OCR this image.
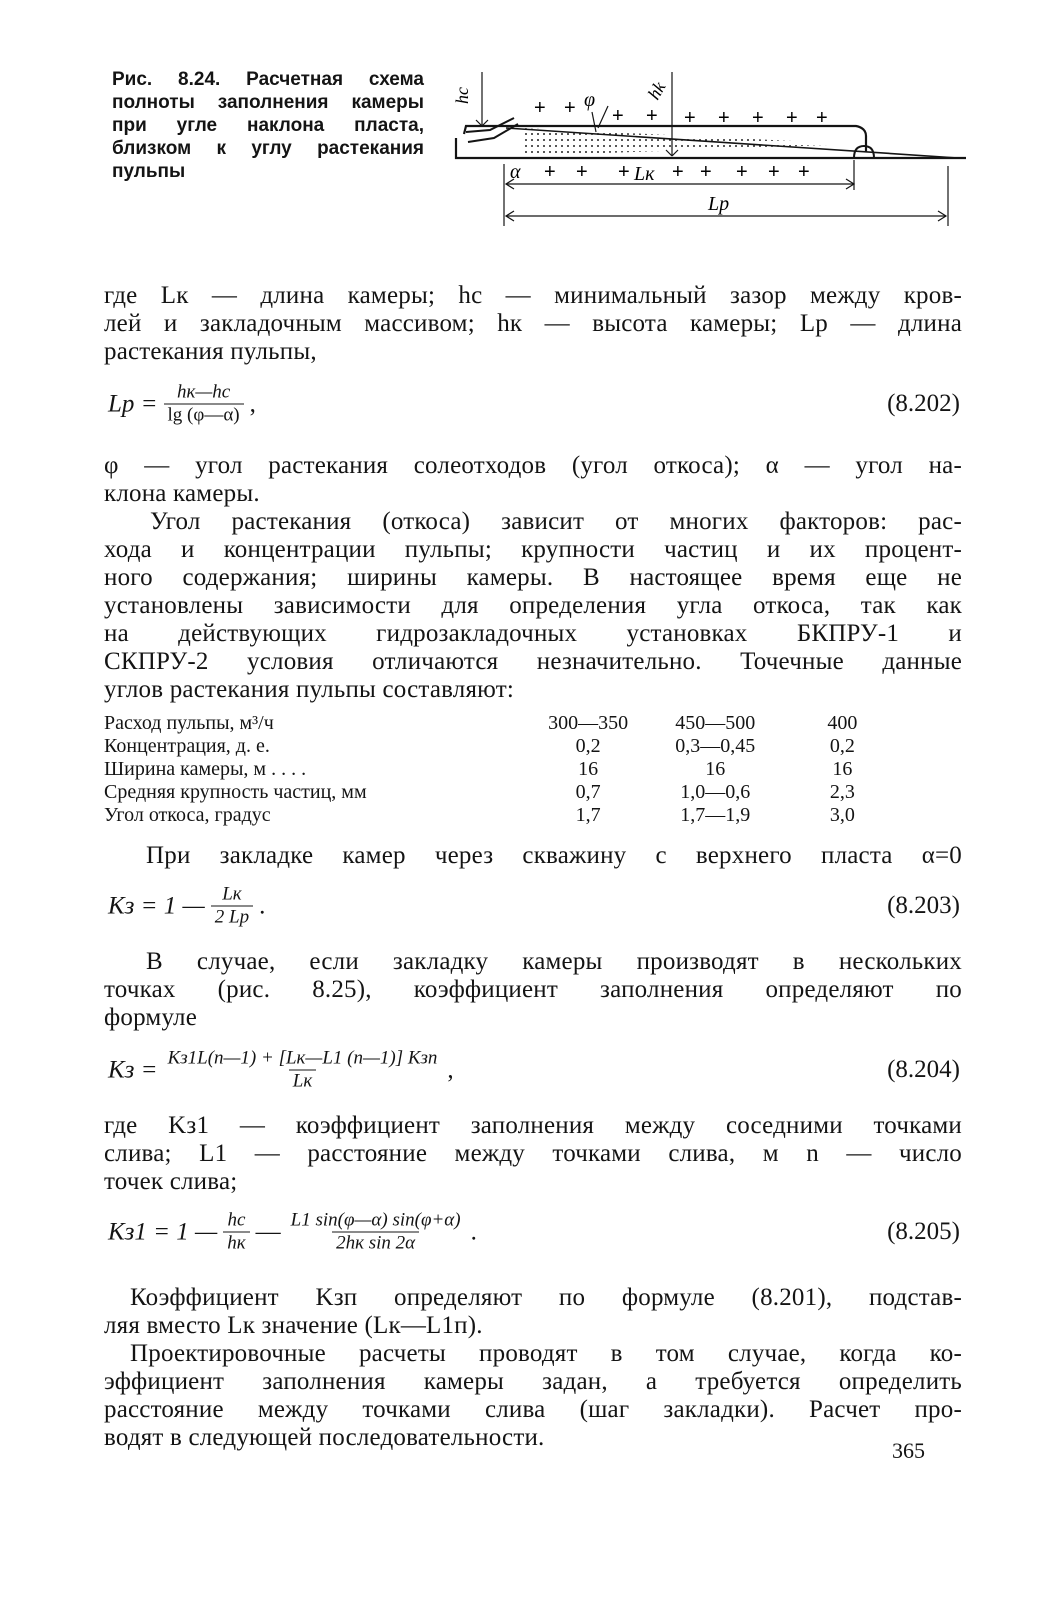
Рис. 8.24. Расчетная схема
полноты заполнения камеры
при угле наклона пласта,
близком к углу растекания
пульпы
hc	hk
φ
+ + + + + + + + +
+ + + + + + + +
α	Lк
Lр
где Lк — длина камеры; hс — минимальный зазор между кров-
лей и закладочным массивом; hк — высота камеры; Lр — длина
растекания пульпы,
Lр = $\frac{hк—hс}{\lg (\varphi—\alpha)}$ ,	(8.202)
φ — угол растекания солеотходов (угол откоса); α — угол на-
клона камеры.
Угол растекания (откоса) зависит от многих факторов: рас-
хода и концентрации пульпы; крупности частиц и их процент-
ного содержания; ширины камеры. В настоящее время еще не
установлены зависимости для определения угла откоса, так как
на действующих гидрозакладочных установках БКПРУ-1 и
СКПРУ-2 условия отличаются незначительно. Точечные данные
углов растекания пульпы составляют:
Расход пульпы, м³/ч	300—350	450—500	400
Концентрация, д. е.	0,2	0,3—0,45	0,2
Ширина камеры, м . . . .	16	16	16
Средняя крупность частиц, мм	0,7	1,0—0,6	2,3
Угол откоса, градус	1,7	1,7—1,9	3,0
При закладке камер через скважину с верхнего пласта α=0
Kз = 1 — $\frac{Lк}{2 Lр}$ .	(8.203)
В случае, если закладку камеры производят в нескольких
точках (рис. 8.25), коэффициент заполнения определяют по
формуле
Kз = $\frac{\text{Kз1L(n—1) + [Lк—L1 (n—1)] Kзп}}{Lк}$ ,	(8.204)
где Kз1 — коэффициент заполнения между соседними точками
слива; L1 — расстояние между точками слива, м n — число
точек слива;
Kз1 = 1 — $\frac{hс}{hк}$ — $\frac{L1 \sin(\varphi—\alpha) \sin(\varphi+\alpha)}{\text{2hк sin 2α}}$ .	(8.205)
Коэффициент Kзп определяют по формуле (8.201), подстав-
ляя вместо Lк значение (Lк—L1п).
Проектировочные расчеты проводят в том случае, когда ко-
эффициент заполнения камеры задан, а требуется определить
расстояние между точками слива (шаг закладки). Расчет про-
водят в следующей последовательности.	365
